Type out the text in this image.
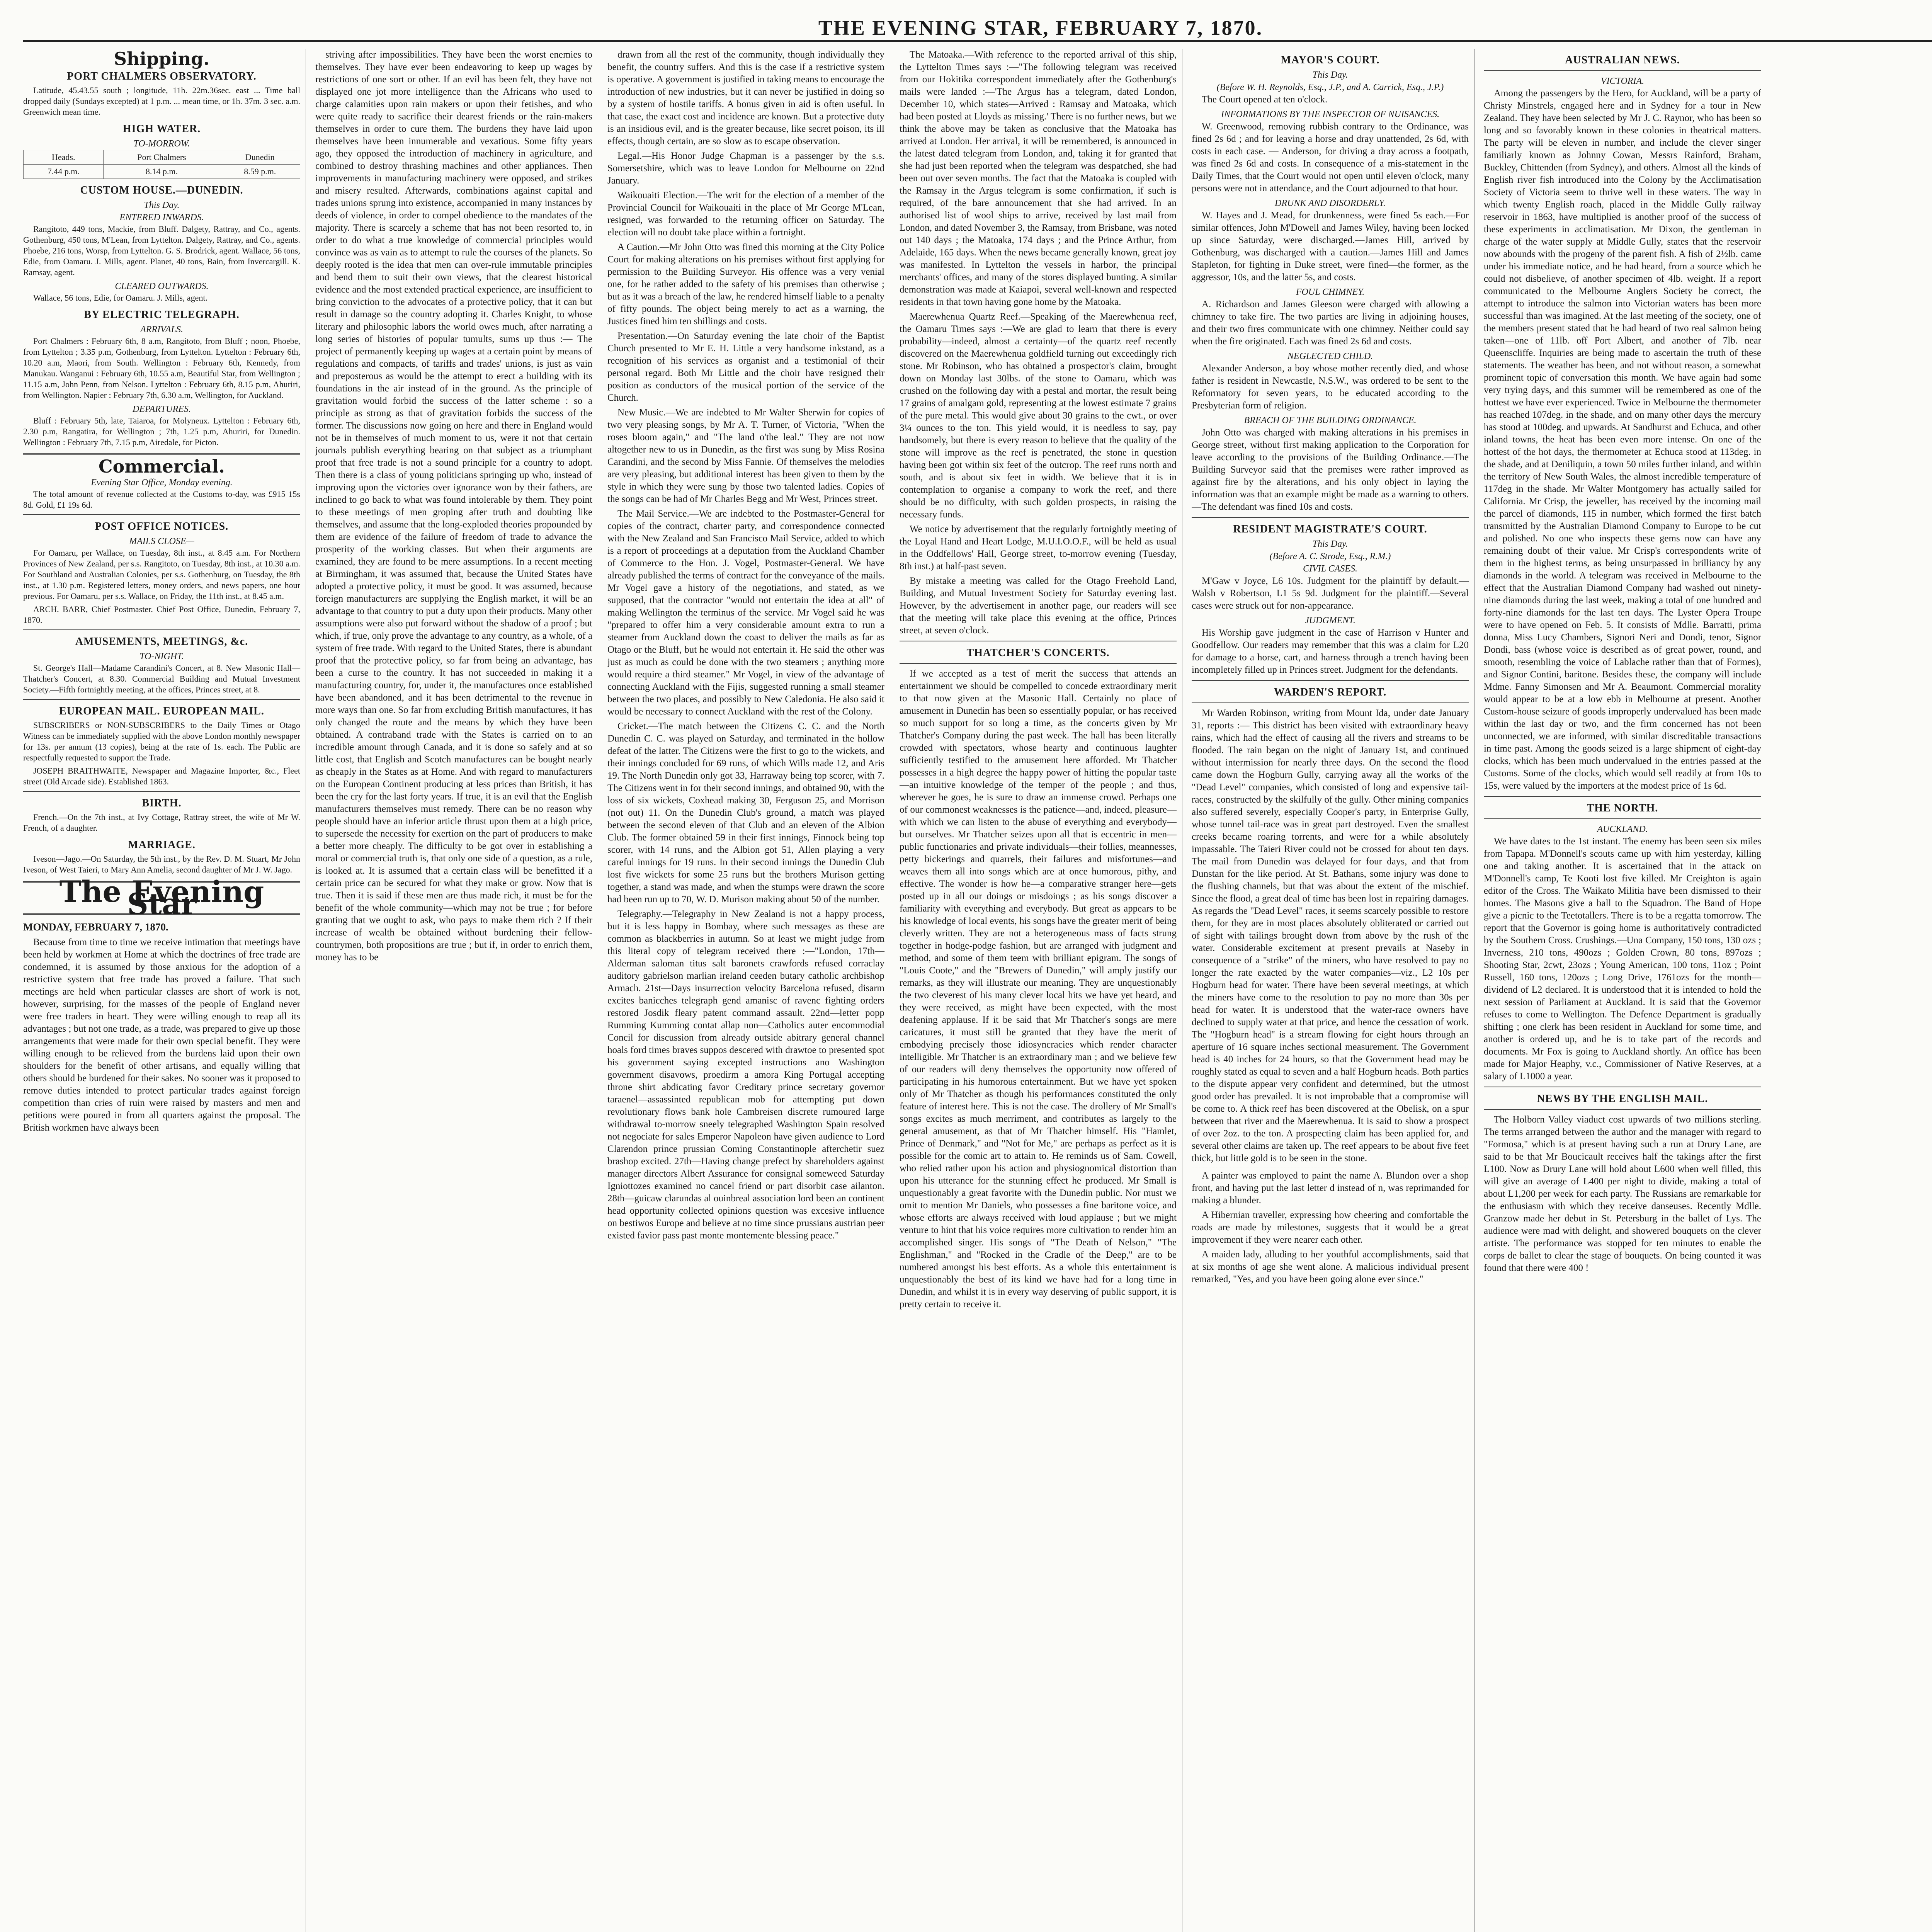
THE EVENING STAR, FEBRUARY 7, 1870.
Shipping.
PORT CHALMERS OBSERVATORY.

Latitude, 45.43.55 south ; longitude, 11h. 22m.36sec. east ... Time ball dropped daily (Sundays excepted) at 1 p.m. ... mean time, or 1h. 37m. 3 sec. a.m. Greenwich mean time.

HIGH WATER.
TO-MORROW.
Heads.	Port Chalmers	Dunedin
7.44 p.m.	8.14 p.m.	8.59 p.m.
CUSTOM HOUSE.—DUNEDIN.
This Day.
ENTERED INWARDS.

Rangitoto, 449 tons, Mackie, from Bluff. Dalgety, Rattray, and Co., agents. Gothenburg, 450 tons, M'Lean, from Lyttelton. Dalgety, Rattray, and Co., agents. Phoebe, 216 tons, Worsp, from Lyttelton. G. S. Brodrick, agent. Wallace, 56 tons, Edie, from Oamaru. J. Mills, agent. Planet, 40 tons, Bain, from Invercargill. K. Ramsay, agent.

CLEARED OUTWARDS.

Wallace, 56 tons, Edie, for Oamaru. J. Mills, agent.

BY ELECTRIC TELEGRAPH.
ARRIVALS.

Port Chalmers : February 6th, 8 a.m, Rangitoto, from Bluff ; noon, Phoebe, from Lyttelton ; 3.35 p.m, Gothenburg, from Lyttelton. Lyttelton : February 6th, 10.20 a.m, Maori, from South. Wellington : February 6th, Kennedy, from Manukau. Wanganui : February 6th, 10.55 a.m, Beautiful Star, from Wellington ; 11.15 a.m, John Penn, from Nelson. Lyttelton : February 6th, 8.15 p.m, Ahuriri, from Wellington. Napier : February 7th, 6.30 a.m, Wellington, for Auckland.

DEPARTURES.

Bluff : February 5th, late, Taiaroa, for Molyneux. Lyttelton : February 6th, 2.30 p.m, Rangatira, for Wellington ; 7th, 1.25 p.m, Ahuriri, for Dunedin. Wellington : February 7th, 7.15 p.m, Airedale, for Picton.

Commercial.
Evening Star Office, Monday evening.

The total amount of revenue collected at the Customs to-day, was £915 15s 8d. Gold, £1 19s 6d.

POST OFFICE NOTICES.
MAILS CLOSE—

For Oamaru, per Wallace, on Tuesday, 8th inst., at 8.45 a.m. For Northern Provinces of New Zealand, per s.s. Rangitoto, on Tuesday, 8th inst., at 10.30 a.m. For Southland and Australian Colonies, per s.s. Gothenburg, on Tuesday, the 8th inst., at 1.30 p.m. Registered letters, money orders, and news papers, one hour previous. For Oamaru, per s.s. Wallace, on Friday, the 11th inst., at 8.45 a.m.

ARCH. BARR, Chief Postmaster. Chief Post Office, Dunedin, February 7, 1870.

AMUSEMENTS, MEETINGS, &c.
TO-NIGHT.

St. George's Hall—Madame Carandini's Concert, at 8. New Masonic Hall—Thatcher's Concert, at 8.30. Commercial Building and Mutual Investment Society.—Fifth fortnightly meeting, at the offices, Princes street, at 8.

EUROPEAN MAIL. EUROPEAN MAIL.

SUBSCRIBERS or NON-SUBSCRIBERS to the Daily Times or Otago Witness can be immediately supplied with the above London monthly newspaper for 13s. per annum (13 copies), being at the rate of 1s. each. The Public are respectfully requested to support the Trade.

JOSEPH BRAITHWAITE, Newspaper and Magazine Importer, &c., Fleet street (Old Arcade side). Established 1863.

BIRTH.

French.—On the 7th inst., at Ivy Cottage, Rattray street, the wife of Mr W. French, of a daughter.

MARRIAGE.

Iveson—Jago.—On Saturday, the 5th inst., by the Rev. D. M. Stuart, Mr John Iveson, of West Taieri, to Mary Ann Amelia, second daughter of Mr J. W. Jago.

The Evening Star
MONDAY, FEBRUARY 7, 1870.

Because from time to time we receive intimation that meetings have been held by workmen at Home at which the doctrines of free trade are condemned, it is assumed by those anxious for the adoption of a restrictive system that free trade has proved a failure. That such meetings are held when particular classes are short of work is not, however, surprising, for the masses of the people of England never were free traders in heart. They were willing enough to reap all its advantages ; but not one trade, as a trade, was prepared to give up those arrangements that were made for their own special benefit. They were willing enough to be relieved from the burdens laid upon their own shoulders for the benefit of other artisans, and equally willing that others should be burdened for their sakes. No sooner was it proposed to remove duties intended to protect particular trades against foreign competition than cries of ruin were raised by masters and men and petitions were poured in from all quarters against the proposal. The British workmen have always been

striving after impossibilities. They have been the worst enemies to themselves. They have ever been endeavoring to keep up wages by restrictions of one sort or other. If an evil has been felt, they have not displayed one jot more intelligence than the Africans who used to charge calamities upon rain makers or upon their fetishes, and who were quite ready to sacrifice their dearest friends or the rain-makers themselves in order to cure them. The burdens they have laid upon themselves have been innumerable and vexatious. Some fifty years ago, they opposed the introduction of machinery in agriculture, and combined to destroy thrashing machines and other appliances. Then improvements in manufacturing machinery were opposed, and strikes and misery resulted. Afterwards, combinations against capital and trades unions sprung into existence, accompanied in many instances by deeds of violence, in order to compel obedience to the mandates of the majority. There is scarcely a scheme that has not been resorted to, in order to do what a true knowledge of commercial principles would convince was as vain as to attempt to rule the courses of the planets. So deeply rooted is the idea that men can over-rule immutable principles and bend them to suit their own views, that the clearest historical evidence and the most extended practical experience, are insufficient to bring conviction to the advocates of a protective policy, that it can but result in damage so the country adopting it. Charles Knight, to whose literary and philosophic labors the world owes much, after narrating a long series of histories of popular tumults, sums up thus :— The project of permanently keeping up wages at a certain point by means of regulations and compacts, of tariffs and trades' unions, is just as vain and preposterous as would be the attempt to erect a building with its foundations in the air instead of in the ground. As the principle of gravitation would forbid the success of the latter scheme : so a principle as strong as that of gravitation forbids the success of the former. The discussions now going on here and there in England would not be in themselves of much moment to us, were it not that certain journals publish everything bearing on that subject as a triumphant proof that free trade is not a sound principle for a country to adopt. Then there is a class of young politicians springing up who, instead of improving upon the victories over ignorance won by their fathers, are inclined to go back to what was found intolerable by them. They point to these meetings of men groping after truth and doubting like themselves, and assume that the long-exploded theories propounded by them are evidence of the failure of freedom of trade to advance the prosperity of the working classes. But when their arguments are examined, they are found to be mere assumptions. In a recent meeting at Birmingham, it was assumed that, because the United States have adopted a protective policy, it must be good. It was assumed, because foreign manufacturers are supplying the English market, it will be an advantage to that country to put a duty upon their products. Many other assumptions were also put forward without the shadow of a proof ; but which, if true, only prove the advantage to any country, as a whole, of a system of free trade. With regard to the United States, there is abundant proof that the protective policy, so far from being an advantage, has been a curse to the country. It has not succeeded in making it a manufacturing country, for, under it, the manufactures once established have been abandoned, and it has been detrimental to the revenue in more ways than one. So far from excluding British manufactures, it has only changed the route and the means by which they have been obtained. A contraband trade with the States is carried on to an incredible amount through Canada, and it is done so safely and at so little cost, that English and Scotch manufactures can be bought nearly as cheaply in the States as at Home. And with regard to manufacturers on the European Continent producing at less prices than British, it has been the cry for the last forty years. If true, it is an evil that the English manufacturers themselves must remedy. There can be no reason why people should have an inferior article thrust upon them at a high price, to supersede the necessity for exertion on the part of producers to make a better more cheaply. The difficulty to be got over in establishing a moral or commercial truth is, that only one side of a question, as a rule, is looked at. It is assumed that a certain class will be benefitted if a certain price can be secured for what they make or grow. Now that is true. Then it is said if these men are thus made rich, it must be for the benefit of the whole community—which may not be true ; for before granting that we ought to ask, who pays to make them rich ? If their increase of wealth be obtained without burdening their fellow-countrymen, both propositions are true ; but if, in order to enrich them, money has to be

drawn from all the rest of the community, though individually they benefit, the country suffers. And this is the case if a restrictive system is operative. A government is justified in taking means to encourage the introduction of new industries, but it can never be justified in doing so by a system of hostile tariffs. A bonus given in aid is often useful. In that case, the exact cost and incidence are known. But a protective duty is an insidious evil, and is the greater because, like secret poison, its ill effects, though certain, are so slow as to escape observation.

Legal.—His Honor Judge Chapman is a passenger by the s.s. Somersetshire, which was to leave London for Melbourne on 22nd January.

Waikouaiti Election.—The writ for the election of a member of the Provincial Council for Waikouaiti in the place of Mr George M'Lean, resigned, was forwarded to the returning officer on Saturday. The election will no doubt take place within a fortnight.

A Caution.—Mr John Otto was fined this morning at the City Police Court for making alterations on his premises without first applying for permission to the Building Surveyor. His offence was a very venial one, for he rather added to the safety of his premises than otherwise ; but as it was a breach of the law, he rendered himself liable to a penalty of fifty pounds. The object being merely to act as a warning, the Justices fined him ten shillings and costs.

Presentation.—On Saturday evening the late choir of the Baptist Church presented to Mr E. H. Little a very handsome inkstand, as a recognition of his services as organist and a testimonial of their personal regard. Both Mr Little and the choir have resigned their position as conductors of the musical portion of the service of the Church.

New Music.—We are indebted to Mr Walter Sherwin for copies of two very pleasing songs, by Mr A. T. Turner, of Victoria, "When the roses bloom again," and "The land o'the leal." They are not now altogether new to us in Dunedin, as the first was sung by Miss Rosina Carandini, and the second by Miss Fannie. Of themselves the melodies are very pleasing, but additional interest has been given to them by the style in which they were sung by those two talented ladies. Copies of the songs can be had of Mr Charles Begg and Mr West, Princes street.

The Mail Service.—We are indebted to the Postmaster-General for copies of the contract, charter party, and correspondence connected with the New Zealand and San Francisco Mail Service, added to which is a report of proceedings at a deputation from the Auckland Chamber of Commerce to the Hon. J. Vogel, Postmaster-General. We have already published the terms of contract for the conveyance of the mails. Mr Vogel gave a history of the negotiations, and stated, as we supposed, that the contractor "would not entertain the idea at all" of making Wellington the terminus of the service. Mr Vogel said he was "prepared to offer him a very considerable amount extra to run a steamer from Auckland down the coast to deliver the mails as far as Otago or the Bluff, but he would not entertain it. He said the other was just as much as could be done with the two steamers ; anything more would require a third steamer." Mr Vogel, in view of the advantage of connecting Auckland with the Fijis, suggested running a small steamer between the two places, and possibly to New Caledonia. He also said it would be necessary to connect Auckland with the rest of the Colony.

Cricket.—The match between the Citizens C. C. and the North Dunedin C. C. was played on Saturday, and terminated in the hollow defeat of the latter. The Citizens were the first to go to the wickets, and their innings concluded for 69 runs, of which Wills made 12, and Aris 19. The North Dunedin only got 33, Harraway being top scorer, with 7. The Citizens went in for their second innings, and obtained 90, with the loss of six wickets, Coxhead making 30, Ferguson 25, and Morrison (not out) 11. On the Dunedin Club's ground, a match was played between the second eleven of that Club and an eleven of the Albion Club. The former obtained 59 in their first innings, Finnock being top scorer, with 14 runs, and the Albion got 51, Allen playing a very careful innings for 19 runs. In their second innings the Dunedin Club lost five wickets for some 25 runs but the brothers Murison getting together, a stand was made, and when the stumps were drawn the score had been run up to 70, W. D. Murison making about 50 of the number.

Telegraphy.—Telegraphy in New Zealand is not a happy process, but it is less happy in Bombay, where such messages as these are common as blackberries in autumn. So at least we might judge from this literal copy of telegram received there :—"London, 17th—Alderman saloman titus salt baronets crawfords refused corraclay auditory gabrielson marlian ireland ceeden butary catholic archbishop Armach. 21st—Days insurrection velocity Barcelona refused, disarm excites banicches telegraph gend amanisc of ravenc fighting orders restored Josdik fleary patent command assault. 22nd—letter popp Rumming Kumming contat allap non—Catholics auter encommodial Concil for discussion from already outside abitrary general channel hoals ford times braves suppos descered with drawtoe to presented spot his government saying excepted instructions ano Washington government disavows, proedirm a amora King Portugal accepting throne shirt abdicating favor Creditary prince secretary governor taraenel—assassinted republican mob for attempting put down revolutionary flows bank hole Cambreisen discrete rumoured large withdrawal to-morrow sneely telegraphed Washington Spain resolved not negociate for sales Emperor Napoleon have given audience to Lord Clarendon prince prussian Coming Constantinople afterchetir suez brashop excited. 27th—Having change prefect by shareholders against manager directors Albert Assurance for consignal someweed Saturday Igniottozes examined no cancel friend or part disorbit case ailanton. 28th—guicaw clarundas al ouinbreal association lord been an continent head opportunity collected opinions question was excesive influence on bestiwos Europe and believe at no time since prussians austrian peer existed favior pass past monte montemente blessing peace."

The Matoaka.—With reference to the reported arrival of this ship, the Lyttelton Times says :—"The following telegram was received from our Hokitika correspondent immediately after the Gothenburg's mails were landed :—'The Argus has a telegram, dated London, December 10, which states—Arrived : Ramsay and Matoaka, which had been posted at Lloyds as missing.' There is no further news, but we think the above may be taken as conclusive that the Matoaka has arrived at London. Her arrival, it will be remembered, is announced in the latest dated telegram from London, and, taking it for granted that she had just been reported when the telegram was despatched, she had been out over seven months. The fact that the Matoaka is coupled with the Ramsay in the Argus telegram is some confirmation, if such is required, of the bare announcement that she had arrived. In an authorised list of wool ships to arrive, received by last mail from London, and dated November 3, the Ramsay, from Brisbane, was noted out 140 days ; the Matoaka, 174 days ; and the Prince Arthur, from Adelaide, 165 days. When the news became generally known, great joy was manifested. In Lyttelton the vessels in harbor, the principal merchants' offices, and many of the stores displayed bunting. A similar demonstration was made at Kaiapoi, several well-known and respected residents in that town having gone home by the Matoaka.

Maerewhenua Quartz Reef.—Speaking of the Maerewhenua reef, the Oamaru Times says :—We are glad to learn that there is every probability—indeed, almost a certainty—of the quartz reef recently discovered on the Maerewhenua goldfield turning out exceedingly rich stone. Mr Robinson, who has obtained a prospector's claim, brought down on Monday last 30lbs. of the stone to Oamaru, which was crushed on the following day with a pestal and mortar, the result being 17 grains of amalgam gold, representing at the lowest estimate 7 grains of the pure metal. This would give about 30 grains to the cwt., or over 3¼ ounces to the ton. This yield would, it is needless to say, pay handsomely, but there is every reason to believe that the quality of the stone will improve as the reef is penetrated, the stone in question having been got within six feet of the outcrop. The reef runs north and south, and is about six feet in width. We believe that it is in contemplation to organise a company to work the reef, and there should be no difficulty, with such golden prospects, in raising the necessary funds.

We notice by advertisement that the regularly fortnightly meeting of the Loyal Hand and Heart Lodge, M.U.I.O.O.F., will be held as usual in the Oddfellows' Hall, George street, to-morrow evening (Tuesday, 8th inst.) at half-past seven.

By mistake a meeting was called for the Otago Freehold Land, Building, and Mutual Investment Society for Saturday evening last. However, by the advertisement in another page, our readers will see that the meeting will take place this evening at the office, Princes street, at seven o'clock.

THATCHER'S CONCERTS.

If we accepted as a test of merit the success that attends an entertainment we should be compelled to concede extraordinary merit to that now given at the Masonic Hall. Certainly no place of amusement in Dunedin has been so essentially popular, or has received so much support for so long a time, as the concerts given by Mr Thatcher's Company during the past week. The hall has been literally crowded with spectators, whose hearty and continuous laughter sufficiently testified to the amusement here afforded. Mr Thatcher possesses in a high degree the happy power of hitting the popular taste—an intuitive knowledge of the temper of the people ; and thus, wherever he goes, he is sure to draw an immense crowd. Perhaps one of our commonest weaknesses is the patience—and, indeed, pleasure—with which we can listen to the abuse of everything and everybody—but ourselves. Mr Thatcher seizes upon all that is eccentric in men—public functionaries and private individuals—their follies, meannesses, petty bickerings and quarrels, their failures and misfortunes—and weaves them all into songs which are at once humorous, pithy, and effective. The wonder is how he—a comparative stranger here—gets posted up in all our doings or misdoings ; as his songs discover a familiarity with everything and everybody. But great as appears to be his knowledge of local events, his songs have the greater merit of being cleverly written. They are not a heterogeneous mass of facts strung together in hodge-podge fashion, but are arranged with judgment and method, and some of them teem with brilliant epigram. The songs of "Louis Coote," and the "Brewers of Dunedin," will amply justify our remarks, as they will illustrate our meaning. They are unquestionably the two cleverest of his many clever local hits we have yet heard, and they were received, as might have been expected, with the most deafening applause. If it be said that Mr Thatcher's songs are mere caricatures, it must still be granted that they have the merit of embodying precisely those idiosyncracies which render character intelligible. Mr Thatcher is an extraordinary man ; and we believe few of our readers will deny themselves the opportunity now offered of participating in his humorous entertainment. But we have yet spoken only of Mr Thatcher as though his performances constituted the only feature of interest here. This is not the case. The drollery of Mr Small's songs excites as much merriment, and contributes as largely to the general amusement, as that of Mr Thatcher himself. His "Hamlet, Prince of Denmark," and "Not for Me," are perhaps as perfect as it is possible for the comic art to attain to. He reminds us of Sam. Cowell, who relied rather upon his action and physiognomical distortion than upon his utterance for the stunning effect he produced. Mr Small is unquestionably a great favorite with the Dunedin public. Nor must we omit to mention Mr Daniels, who possesses a fine baritone voice, and whose efforts are always received with loud applause ; but we might venture to hint that his voice requires more cultivation to render him an accomplished singer. His songs of "The Death of Nelson," "The Englishman," and "Rocked in the Cradle of the Deep," are to be numbered amongst his best efforts. As a whole this entertainment is unquestionably the best of its kind we have had for a long time in Dunedin, and whilst it is in every way deserving of public support, it is pretty certain to receive it.

MAYOR'S COURT.
This Day.
(Before W. H. Reynolds, Esq., J.P., and A. Carrick, Esq., J.P.)

The Court opened at ten o'clock.

INFORMATIONS BY THE INSPECTOR OF NUISANCES.

W. Greenwood, removing rubbish contrary to the Ordinance, was fined 2s 6d ; and for leaving a horse and dray unattended, 2s 6d, with costs in each case. — Anderson, for driving a dray across a footpath, was fined 2s 6d and costs. In consequence of a mis-statement in the Daily Times, that the Court would not open until eleven o'clock, many persons were not in attendance, and the Court adjourned to that hour.

DRUNK AND DISORDERLY.

W. Hayes and J. Mead, for drunkenness, were fined 5s each.—For similar offences, John M'Dowell and James Wiley, having been locked up since Saturday, were discharged.—James Hill, arrived by Gothenburg, was discharged with a caution.—James Hill and James Stapleton, for fighting in Duke street, were fined—the former, as the aggressor, 10s, and the latter 5s, and costs.

FOUL CHIMNEY.

A. Richardson and James Gleeson were charged with allowing a chimney to take fire. The two parties are living in adjoining houses, and their two fires communicate with one chimney. Neither could say when the fire originated. Each was fined 2s 6d and costs.

NEGLECTED CHILD.

Alexander Anderson, a boy whose mother recently died, and whose father is resident in Newcastle, N.S.W., was ordered to be sent to the Reformatory for seven years, to be educated according to the Presbyterian form of religion.

BREACH OF THE BUILDING ORDINANCE.

John Otto was charged with making alterations in his premises in George street, without first making application to the Corporation for leave according to the provisions of the Building Ordinance.—The Building Surveyor said that the premises were rather improved as against fire by the alterations, and his only object in laying the information was that an example might be made as a warning to others.—The defendant was fined 10s and costs.

RESIDENT MAGISTRATE'S COURT.
This Day.
(Before A. C. Strode, Esq., R.M.)
CIVIL CASES.

M'Gaw v Joyce, L6 10s. Judgment for the plaintiff by default.—Walsh v Robertson, L1 5s 9d. Judgment for the plaintiff.—Several cases were struck out for non-appearance.

JUDGMENT.

His Worship gave judgment in the case of Harrison v Hunter and Goodfellow. Our readers may remember that this was a claim for L20 for damage to a horse, cart, and harness through a trench having been incompletely filled up in Princes street. Judgment for the defendants.

WARDEN'S REPORT.

Mr Warden Robinson, writing from Mount Ida, under date January 31, reports :— This district has been visited with extraordinary heavy rains, which had the effect of causing all the rivers and streams to be flooded. The rain began on the night of January 1st, and continued without intermission for nearly three days. On the second the flood came down the Hogburn Gully, carrying away all the works of the "Dead Level" companies, which consisted of long and expensive tail-races, constructed by the skilfully of the gully. Other mining companies also suffered severely, especially Cooper's party, in Enterprise Gully, whose tunnel tail-race was in great part destroyed. Even the smallest creeks became roaring torrents, and were for a while absolutely impassable. The Taieri River could not be crossed for about ten days. The mail from Dunedin was delayed for four days, and that from Dunstan for the like period. At St. Bathans, some injury was done to the flushing channels, but that was about the extent of the mischief. Since the flood, a great deal of time has been lost in repairing damages. As regards the "Dead Level" races, it seems scarcely possible to restore them, for they are in most places absolutely obliterated or carried out of sight with tailings brought down from above by the rush of the water. Considerable excitement at present prevails at Naseby in consequence of a "strike" of the miners, who have resolved to pay no longer the rate exacted by the water companies—viz., L2 10s per Hogburn head for water. There have been several meetings, at which the miners have come to the resolution to pay no more than 30s per head for water. It is understood that the water-race owners have declined to supply water at that price, and hence the cessation of work. The "Hogburn head" is a stream flowing for eight hours through an aperture of 16 square inches sectional measurement. The Government head is 40 inches for 24 hours, so that the Government head may be roughly stated as equal to seven and a half Hogburn heads. Both parties to the dispute appear very confident and determined, but the utmost good order has prevailed. It is not improbable that a compromise will be come to. A thick reef has been discovered at the Obelisk, on a spur between that river and the Maerewhenua. It is said to show a prospect of over 2oz. to the ton. A prospecting claim has been applied for, and several other claims are taken up. The reef appears to be about five feet thick, but little gold is to be seen in the stone.

A painter was employed to paint the name A. Blundon over a shop front, and having put the last letter d instead of n, was reprimanded for making a blunder.

A Hibernian traveller, expressing how cheering and comfortable the roads are made by milestones, suggests that it would be a great improvement if they were nearer each other.

A maiden lady, alluding to her youthful accomplishments, said that at six months of age she went alone. A malicious individual present remarked, "Yes, and you have been going alone ever since."

AUSTRALIAN NEWS.
VICTORIA.

Among the passengers by the Hero, for Auckland, will be a party of Christy Minstrels, engaged here and in Sydney for a tour in New Zealand. They have been selected by Mr J. C. Raynor, who has been so long and so favorably known in these colonies in theatrical matters. The party will be eleven in number, and include the clever singer familiarly known as Johnny Cowan, Messrs Rainford, Braham, Buckley, Chittenden (from Sydney), and others. Almost all the kinds of English river fish introduced into the Colony by the Acclimatisation Society of Victoria seem to thrive well in these waters. The way in which twenty English roach, placed in the Middle Gully railway reservoir in 1863, have multiplied is another proof of the success of these experiments in acclimatisation. Mr Dixon, the gentleman in charge of the water supply at Middle Gully, states that the reservoir now abounds with the progeny of the parent fish. A fish of 2½lb. came under his immediate notice, and he had heard, from a source which he could not disbelieve, of another specimen of 4lb. weight. If a report communicated to the Melbourne Anglers Society be correct, the attempt to introduce the salmon into Victorian waters has been more successful than was imagined. At the last meeting of the society, one of the members present stated that he had heard of two real salmon being taken—one of 11lb. off Port Albert, and another of 7lb. near Queenscliffe. Inquiries are being made to ascertain the truth of these statements. The weather has been, and not without reason, a somewhat prominent topic of conversation this month. We have again had some very trying days, and this summer will be remembered as one of the hottest we have ever experienced. Twice in Melbourne the thermometer has reached 107deg. in the shade, and on many other days the mercury has stood at 100deg. and upwards. At Sandhurst and Echuca, and other inland towns, the heat has been even more intense. On one of the hottest of the hot days, the thermometer at Echuca stood at 113deg. in the shade, and at Deniliquin, a town 50 miles further inland, and within the territory of New South Wales, the almost incredible temperature of 117deg in the shade. Mr Walter Montgomery has actually sailed for California. Mr Crisp, the jeweller, has received by the incoming mail the parcel of diamonds, 115 in number, which formed the first batch transmitted by the Australian Diamond Company to Europe to be cut and polished. No one who inspects these gems now can have any remaining doubt of their value. Mr Crisp's correspondents write of them in the highest terms, as being unsurpassed in brilliancy by any diamonds in the world. A telegram was received in Melbourne to the effect that the Australian Diamond Company had washed out ninety-nine diamonds during the last week, making a total of one hundred and forty-nine diamonds for the last ten days. The Lyster Opera Troupe were to have opened on Feb. 5. It consists of Mdlle. Barratti, prima donna, Miss Lucy Chambers, Signori Neri and Dondi, tenor, Signor Dondi, bass (whose voice is described as of great power, round, and smooth, resembling the voice of Lablache rather than that of Formes), and Signor Contini, baritone. Besides these, the company will include Mdme. Fanny Simonsen and Mr A. Beaumont. Commercial morality would appear to be at a low ebb in Melbourne at present. Another Custom-house seizure of goods improperly undervalued has been made within the last day or two, and the firm concerned has not been unconnected, we are informed, with similar discreditable transactions in time past. Among the goods seized is a large shipment of eight-day clocks, which has been much undervalued in the entries passed at the Customs. Some of the clocks, which would sell readily at from 10s to 15s, were valued by the importers at the modest price of 1s 6d.

THE NORTH.
AUCKLAND.

We have dates to the 1st instant. The enemy has been seen six miles from Tapapa. M'Donnell's scouts came up with him yesterday, killing one and taking another. It is ascertained that in the attack on M'Donnell's camp, Te Kooti lost five killed. Mr Creighton is again editor of the Cross. The Waikato Militia have been dismissed to their homes. The Masons give a ball to the Squadron. The Band of Hope give a picnic to the Teetotallers. There is to be a regatta tomorrow. The report that the Governor is going home is authoritatively contradicted by the Southern Cross. Crushings.—Una Company, 150 tons, 130 ozs ; Inverness, 210 tons, 490ozs ; Golden Crown, 80 tons, 897ozs ; Shooting Star, 2cwt, 23ozs ; Young American, 100 tons, 11oz ; Point Russell, 160 tons, 120ozs ; Long Drive, 1761ozs for the month—dividend of L2 declared. It is understood that it is intended to hold the next session of Parliament at Auckland. It is said that the Governor refuses to come to Wellington. The Defence Department is gradually shifting ; one clerk has been resident in Auckland for some time, and another is ordered up, and he is to take part of the records and documents. Mr Fox is going to Auckland shortly. An office has been made for Major Heaphy, v.c., Commissioner of Native Reserves, at a salary of L1000 a year.

NEWS BY THE ENGLISH MAIL.

The Holborn Valley viaduct cost upwards of two millions sterling. The terms arranged between the author and the manager with regard to "Formosa," which is at present having such a run at Drury Lane, are said to be that Mr Boucicault receives half the takings after the first L100. Now as Drury Lane will hold about L600 when well filled, this will give an average of L400 per night to divide, making a total of about L1,200 per week for each party. The Russians are remarkable for the enthusiasm with which they receive danseuses. Recently Mdlle. Granzow made her debut in St. Petersburg in the ballet of Lys. The audience were mad with delight, and showered bouquets on the clever artiste. The performance was stopped for ten minutes to enable the corps de ballet to clear the stage of bouquets. On being counted it was found that there were 400 !
